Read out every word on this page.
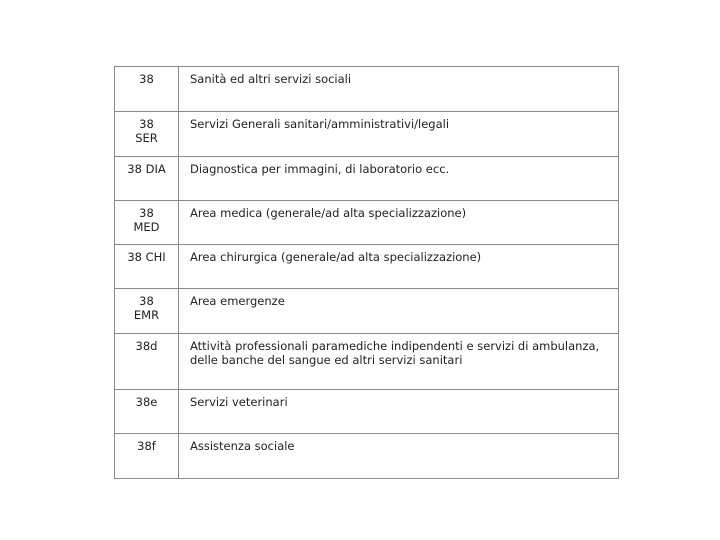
38	Sanità ed altri servizi sociali
38 SER	Servizi Generali sanitari/amministrativi/legali
38 DIA	Diagnostica per immagini, di laboratorio ecc.
38 MED	Area medica (generale/ad alta specializzazione)
38 CHI	Area chirurgica (generale/ad alta specializzazione)
38 EMR	Area emergenze
38d	Attività professionali paramediche indipendenti e servizi di ambulanza, delle banche del sangue ed altri servizi sanitari
38e	Servizi veterinari
38f	Assistenza sociale
